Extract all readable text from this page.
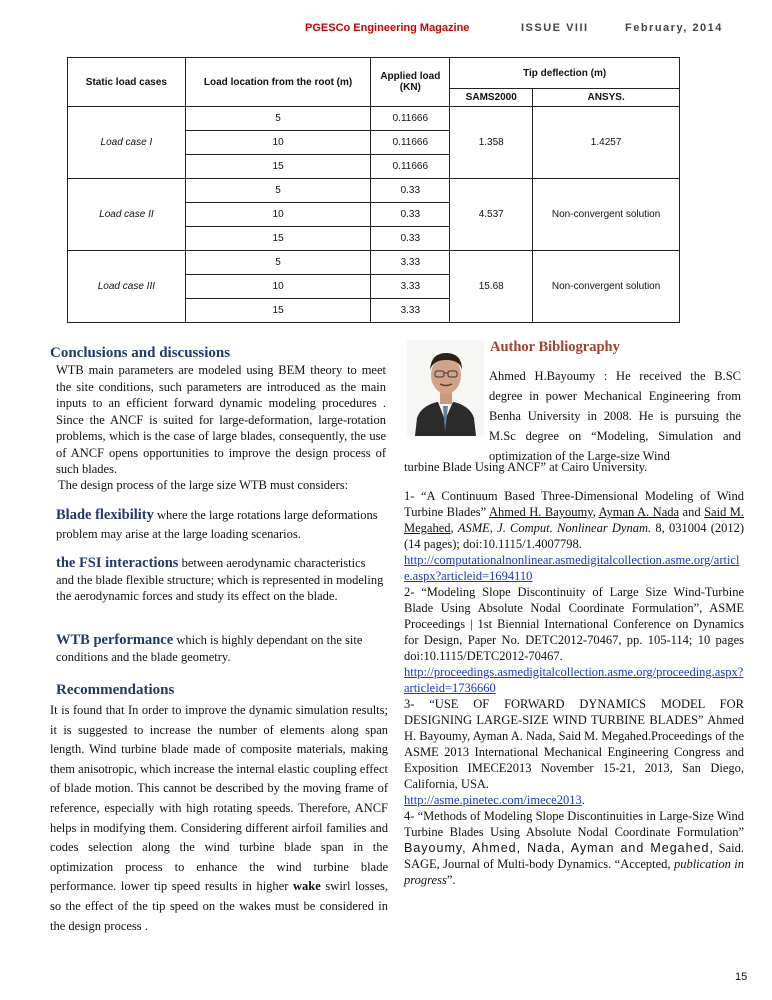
PGESCo Engineering Magazine	ISSUE VIII	February, 2014
Static load cases	Load location from the root (m)	Applied load (KN)	Tip deflection (m)	
			SAMS2000	ANSYS.
Load case I	5	0.11666	1.358	1.4257
	10	0.11666		
	15	0.11666		
Load case II	5	0.33	4.537	Non-convergent solution
	10	0.33		
	15	0.33		
Load case III	5	3.33	15.68	Non-convergent solution
	10	3.33		
	15	3.33		
Conclusions and discussions
WTB main parameters are modeled using BEM theory to meet the site conditions, such parameters are introduced as the main inputs to an efficient forward dynamic modeling procedures . Since the ANCF is suited for large-deformation, large-rotation problems, which is the case of large blades, consequently, the use of ANCF opens opportunities to improve the design process of such blades.
The design process of the large size WTB must considers:
Blade flexibility where the large rotations large deformations problem may arise at the large loading scenarios.
the FSI interactions between aerodynamic characteristics and the blade flexible structure; which is represented in modeling the aerodynamic forces and study its effect on the blade.
WTB performance which is highly dependant on the site conditions and the blade geometry.
Recommendations
It is found that In order to improve the dynamic simulation results; it is suggested to increase the number of elements along span length. Wind turbine blade made of composite materials, making them anisotropic, which increase the internal elastic coupling effect of blade motion. This cannot be described by the moving frame of reference, especially with high rotating speeds. Therefore, ANCF helps in modifying them. Considering different airfoil families and codes selection along the wind turbine blade span in the optimization process to enhance the wind turbine blade performance. lower tip speed results in higher wake swirl losses, so the effect of the tip speed on the wakes must be considered in the design process .
Author Bibliography
Ahmed H.Bayoumy : He received the B.SC degree in power Mechanical Engineering from Benha University in 2008. He is pursuing the M.Sc degree on “Modeling, Simulation and optimization of the Large-size Wind
turbine Blade Using ANCF” at Cairo University.
1- “A Continuum Based Three-Dimensional Modeling of Wind Turbine Blades” Ahmed H. Bayoumy, Ayman A. Nada and Said M. Megahed, ASME, J. Comput. Nonlinear Dynam. 8, 031004 (2012) (14 pages); doi:10.1115/1.4007798.
http://computationalnonlinear.asmedigitalcollection.asme.org/article.aspx?articleid=1694110
2- “Modeling Slope Discontinuity of Large Size Wind-Turbine Blade Using Absolute Nodal Coordinate Formulation”, ASME Proceedings | 1st Biennial International Conference on Dynamics for Design, Paper No. DETC2012-70467, pp. 105-114; 10 pages doi:10.1115/DETC2012-70467.
http://proceedings.asmedigitalcollection.asme.org/proceeding.aspx?articleid=1736660
3- “USE OF FORWARD DYNAMICS MODEL FOR DESIGNING LARGE-SIZE WIND TURBINE BLADES” Ahmed H. Bayoumy, Ayman A. Nada, Said M. Megahed.Proceedings of the ASME 2013 International Mechanical Engineering Congress and Exposition IMECE2013 November 15-21, 2013, San Diego, California, USA.
http://asme.pinetec.com/imece2013.
4- “Methods of Modeling Slope Discontinuities in Large-Size Wind Turbine Blades Using Absolute Nodal Coordinate Formulation” Bayoumy, Ahmed, Nada, Ayman and Megahed, Said. SAGE, Journal of Multi-body Dynamics. “Accepted, publication in progress”.
15
